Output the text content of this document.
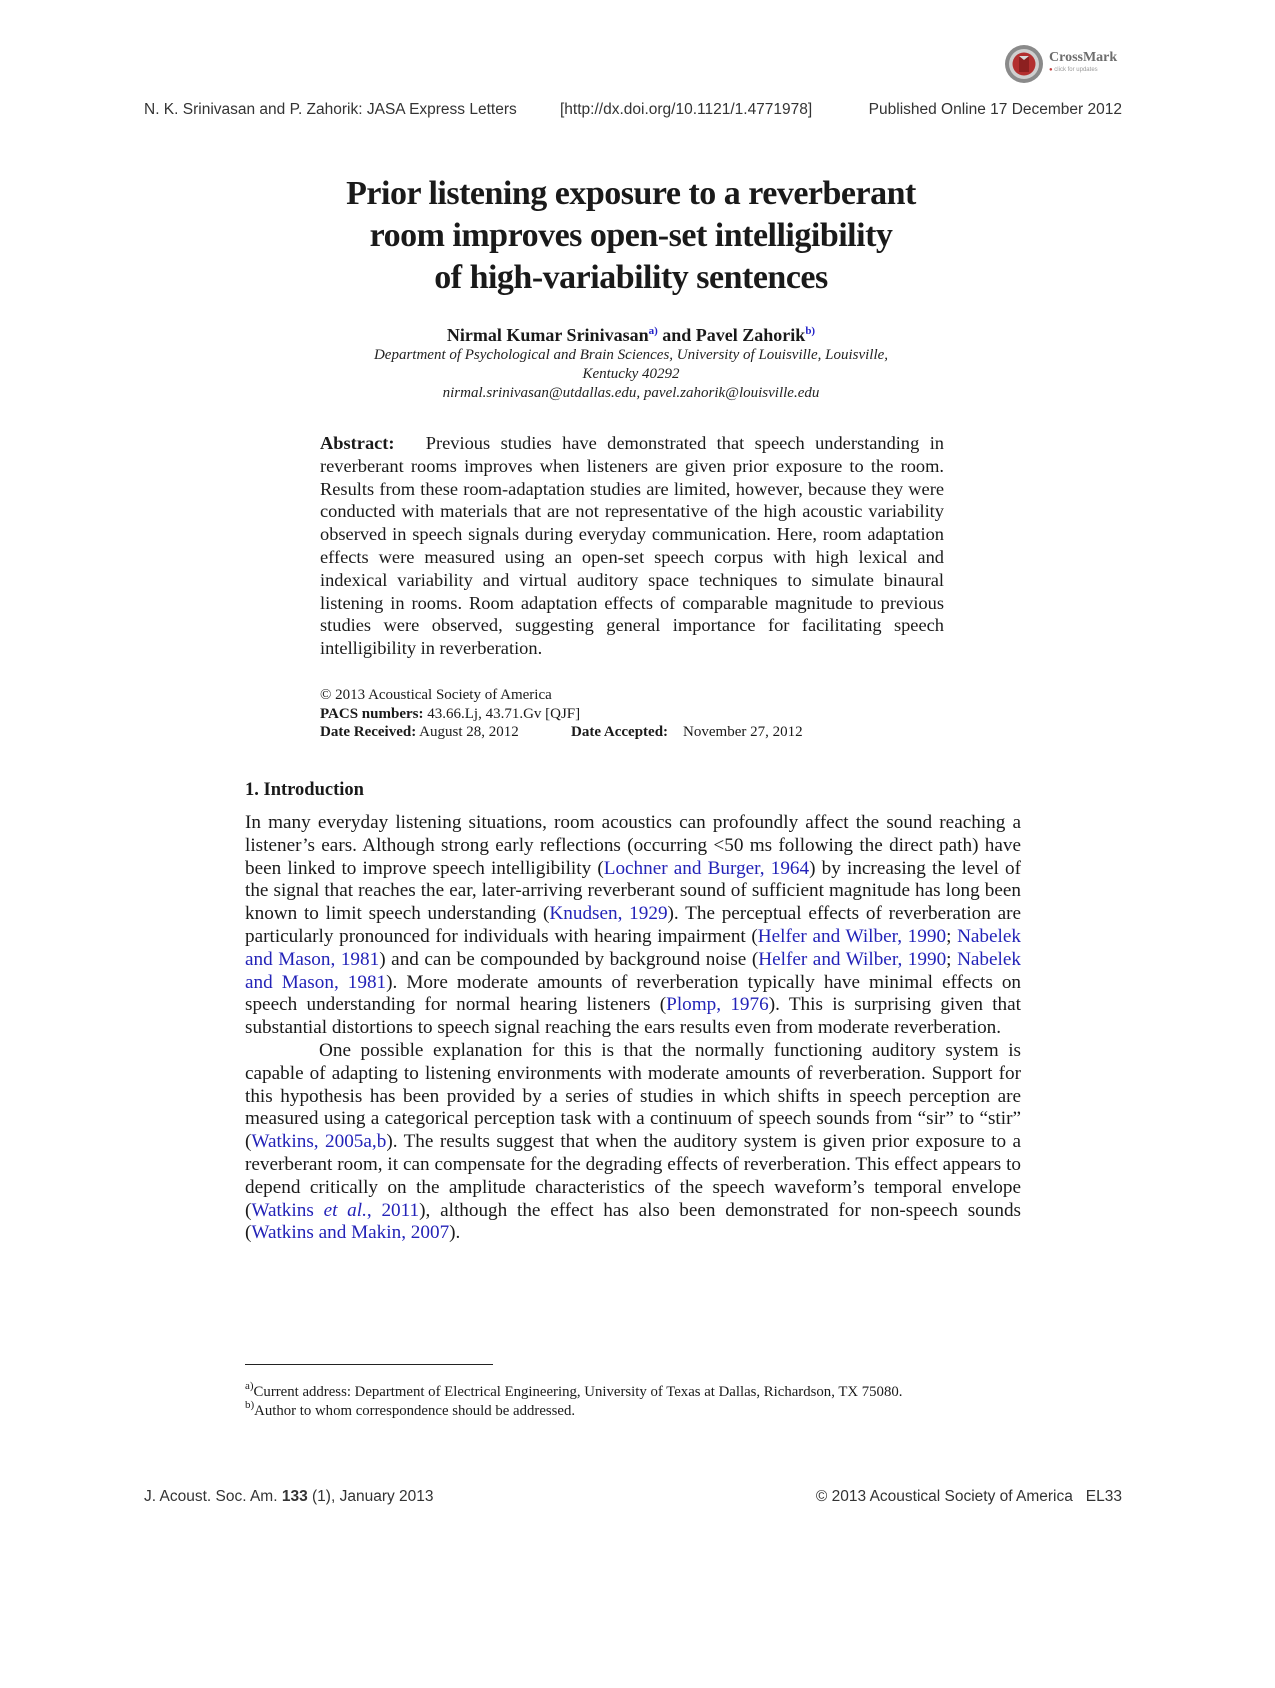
CrossMark
● click for updates
N. K. Srinivasan and P. Zahorik: JASA Express Letters	[http://dx.doi.org/10.1121/1.4771978]	Published Online 17 December 2012
Prior listening exposure to a reverberant
room improves open-set intelligibility
of high-variability sentences
Nirmal Kumar Srinivasan$^{a)}$ and Pavel Zahorik$^{b)}$
Department of Psychological and Brain Sciences, University of Louisville, Louisville,
Kentucky 40292
nirmal.srinivasan@utdallas.edu, pavel.zahorik@louisville.edu
Abstract: Previous studies have demonstrated that speech understanding in reverberant rooms improves when listeners are given prior exposure to the room. Results from these room-adaptation studies are limited, however, because they were conducted with materials that are not representative of the high acoustic variability observed in speech signals during everyday communication. Here, room adaptation effects were measured using an open-set speech corpus with high lexical and indexical variability and virtual auditory space techniques to simulate binaural listening in rooms. Room adaptation effects of comparable magnitude to previous studies were observed, suggesting general importance for facilitating speech intelligibility in reverberation.
© 2013 Acoustical Society of America
PACS numbers: 43.66.Lj, 43.71.Gv [QJF]
Date Received: August 28, 2012	Date Accepted: November 27, 2012
1. Introduction

In many everyday listening situations, room acoustics can profoundly affect the sound reaching a listener’s ears. Although strong early reflections (occurring <50 ms following the direct path) have been linked to improve speech intelligibility (Lochner and Burger, 1964) by increasing the level of the signal that reaches the ear, later-arriving reverberant sound of sufficient magnitude has long been known to limit speech understanding (Knudsen, 1929). The perceptual effects of reverberation are particularly pronounced for individuals with hearing impairment (Helfer and Wilber, 1990; Nabelek and Mason, 1981) and can be compounded by background noise (Helfer and Wilber, 1990; Nabelek and Mason, 1981). More moderate amounts of reverberation typically have minimal effects on speech understanding for normal hearing listeners (Plomp, 1976). This is surprising given that substantial distortions to speech signal reaching the ears results even from moderate reverberation.

One possible explanation for this is that the normally functioning auditory system is capable of adapting to listening environments with moderate amounts of reverberation. Support for this hypothesis has been provided by a series of studies in which shifts in speech perception are measured using a categorical perception task with a continuum of speech sounds from “sir” to “stir” (Watkins, 2005a,b). The results suggest that when the auditory system is given prior exposure to a reverberant room, it can compensate for the degrading effects of reverberation. This effect appears to depend critically on the amplitude characteristics of the speech waveform’s temporal envelope (Watkins et al., 2011), although the effect has also been demonstrated for non-speech sounds (Watkins and Makin, 2007).

$^{a)}$Current address: Department of Electrical Engineering, University of Texas at Dallas, Richardson, TX 75080.
$^{b)}$Author to whom correspondence should be addressed.
J. Acoust. Soc. Am. 133 (1), January 2013	© 2013 Acoustical Society of America   EL33
